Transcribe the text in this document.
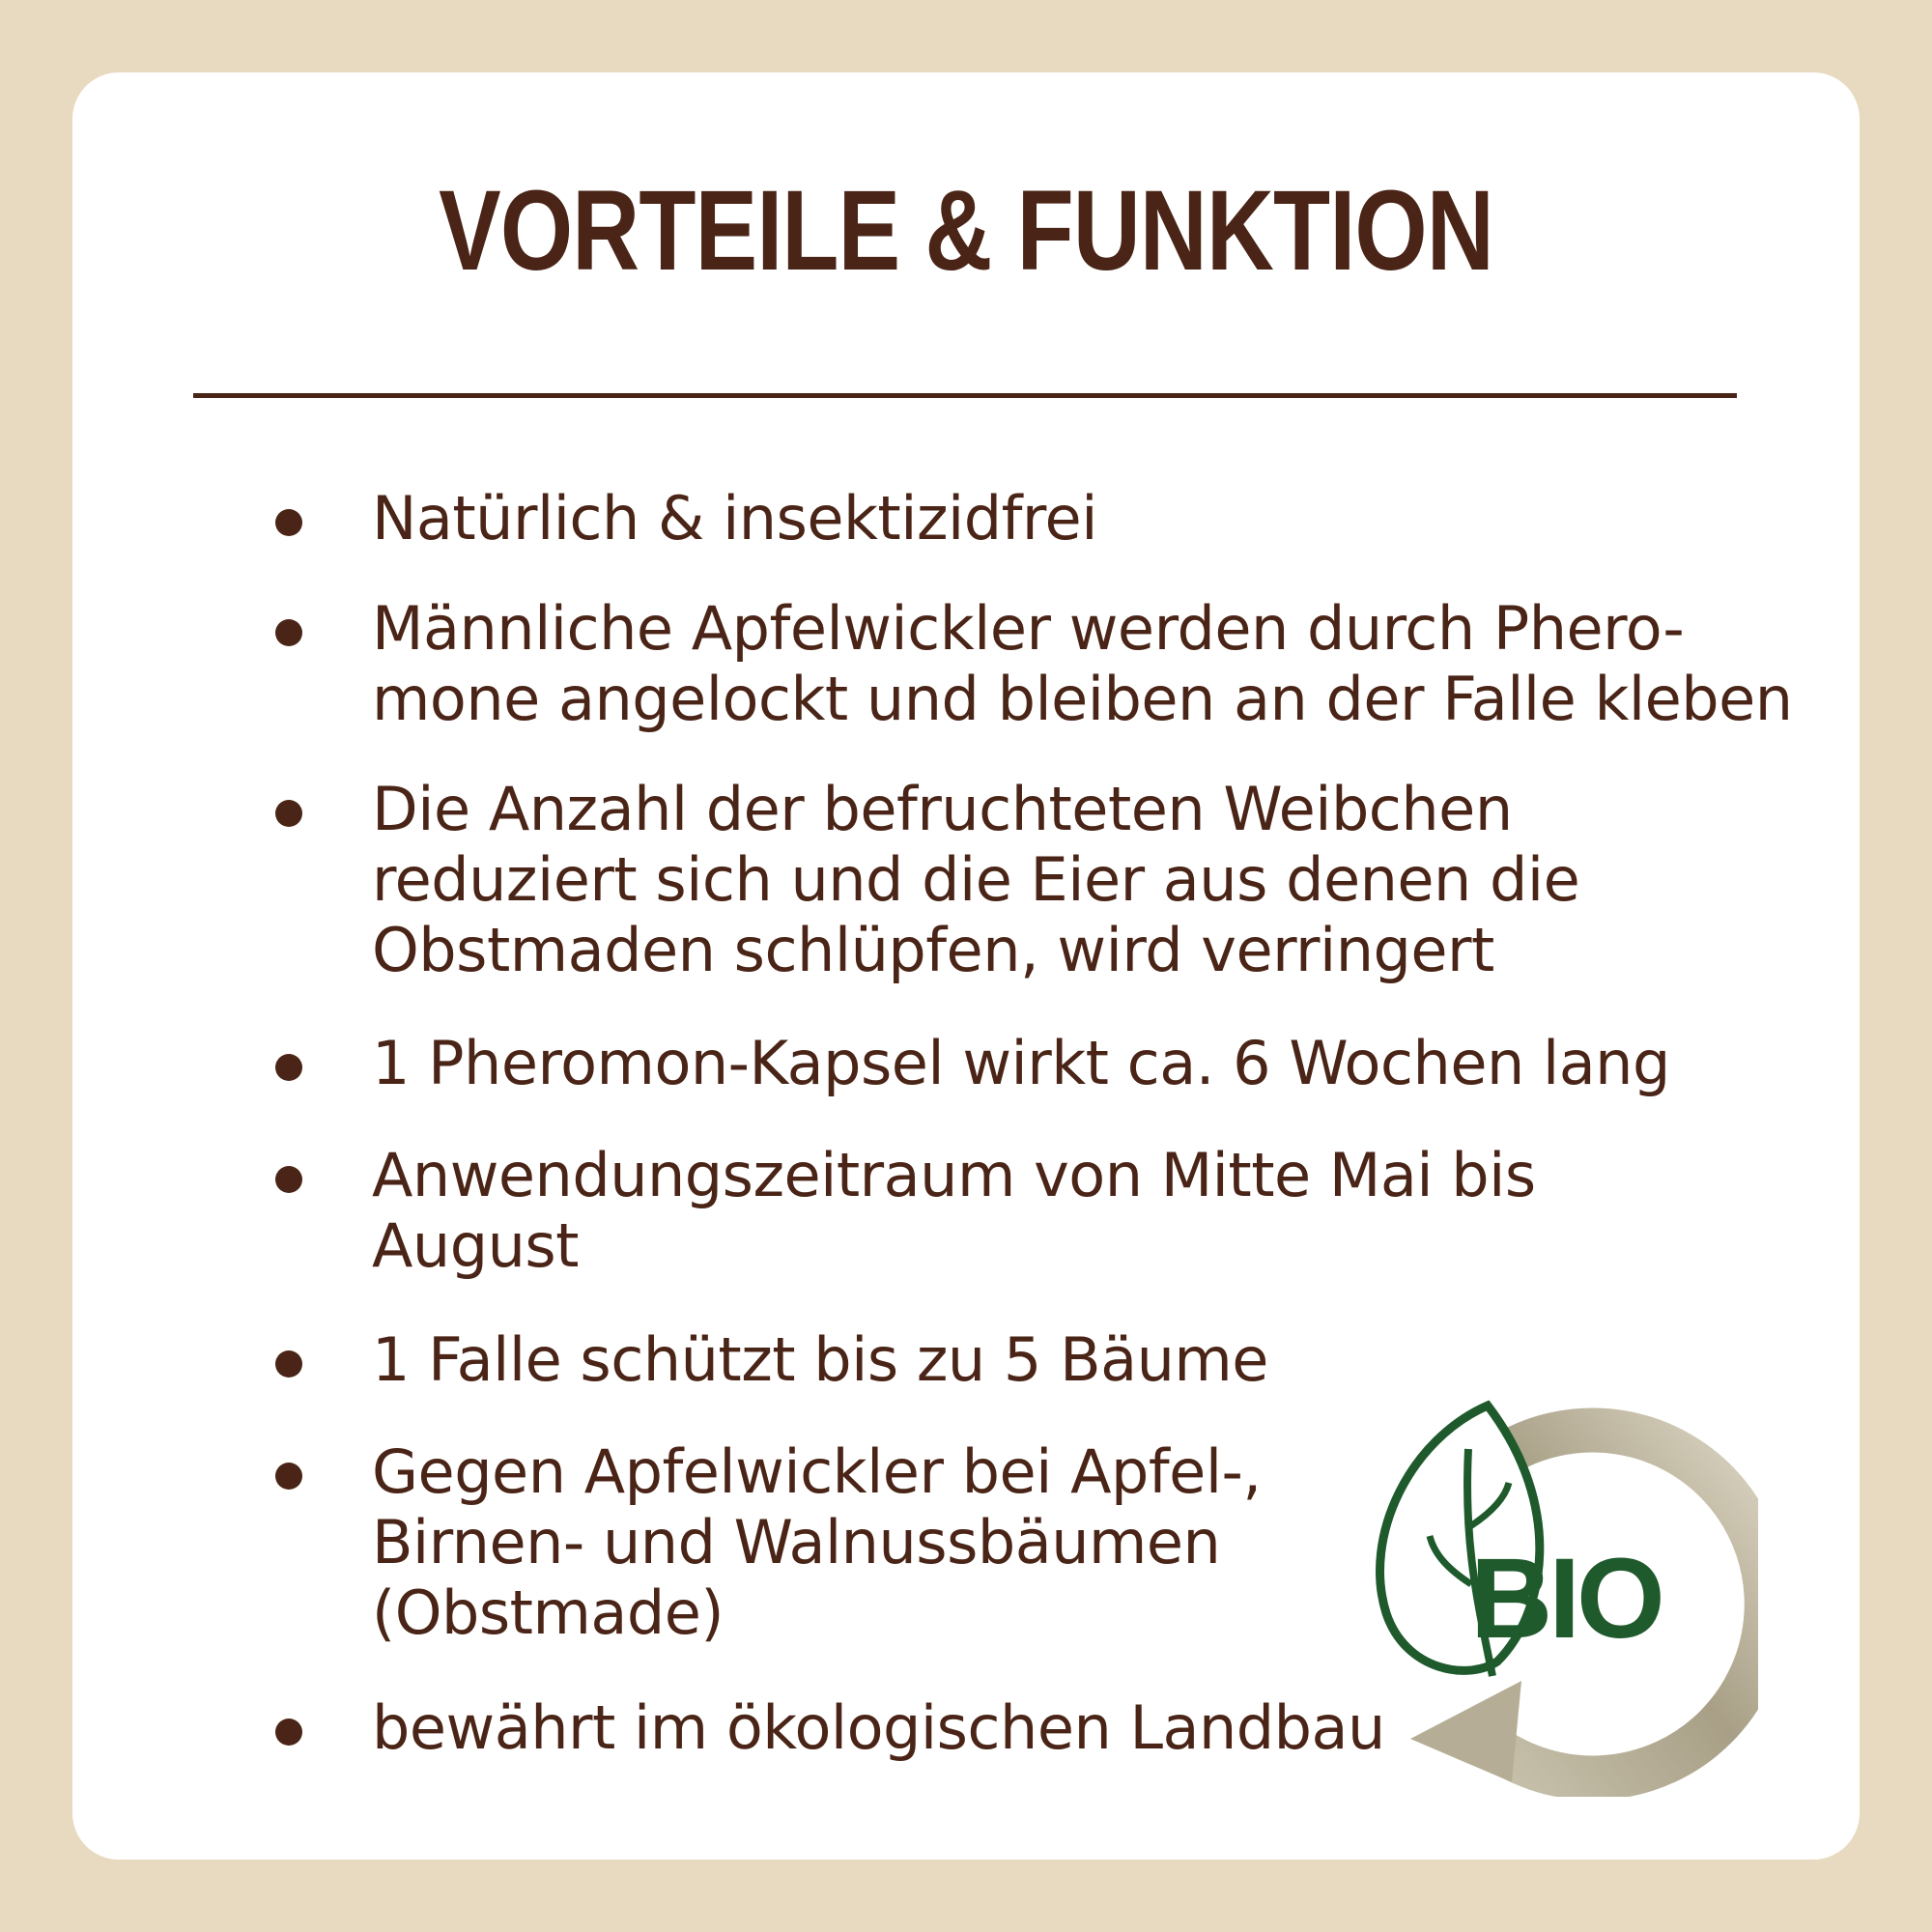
VORTEILE & FUNKTION
Natürlich & insektizidfrei
Männliche Apfelwickler werden durch Phero-
mone angelockt und bleiben an der Falle kleben
Die Anzahl der befruchteten Weibchen
reduziert sich und die Eier aus denen die
Obstmaden schlüpfen, wird verringert
1 Pheromon-Kapsel wirkt ca. 6 Wochen lang
Anwendungszeitraum von Mitte Mai bis
August
1 Falle schützt bis zu 5 Bäume
Gegen Apfelwickler bei Apfel-,
Birnen- und Walnussbäumen
(Obstmade)
bewährt im ökologischen Landbau
BIO
